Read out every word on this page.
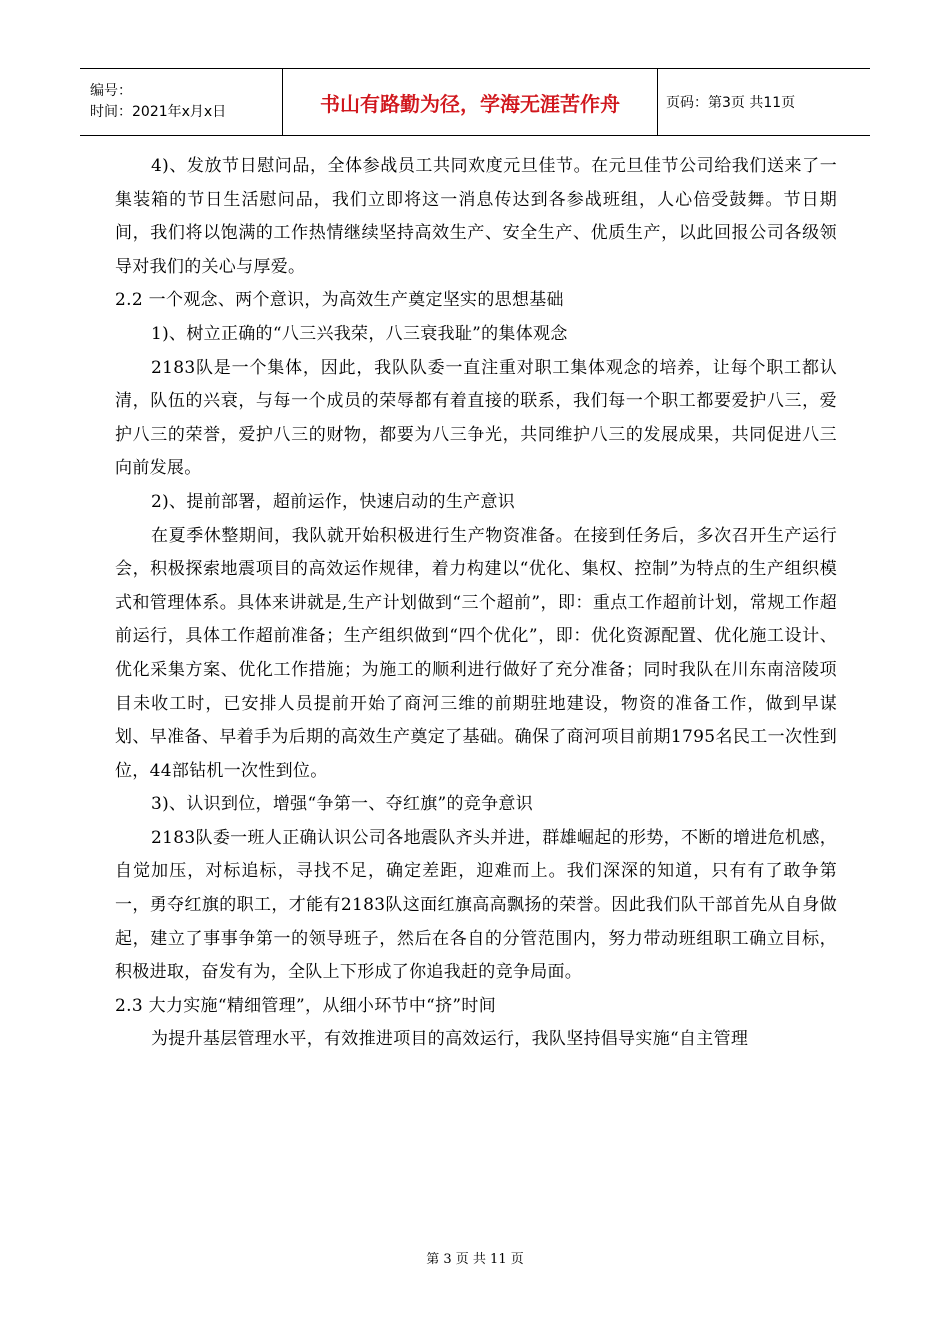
编号：
时间：2021年x月x日	书山有路勤为径，学海无涯苦作舟	页码：第3页 共11页

4)、发放节日慰问品，全体参战员工共同欢度元旦佳节。在元旦佳节公司给我们送来了一集装箱的节日生活慰问品，我们立即将这一消息传达到各参战班组，人心倍受鼓舞。节日期间，我们将以饱满的工作热情继续坚持高效生产、安全生产、优质生产，以此回报公司各级领导对我们的关心与厚爱。

2.2 一个观念、两个意识，为高效生产奠定坚实的思想基础

1)、树立正确的“八三兴我荣，八三衰我耻”的集体观念

2183队是一个集体，因此，我队队委一直注重对职工集体观念的培养，让每个职工都认清，队伍的兴衰，与每一个成员的荣辱都有着直接的联系，我们每一个职工都要爱护八三，爱护八三的荣誉，爱护八三的财物，都要为八三争光，共同维护八三的发展成果，共同促进八三向前发展。

2)、提前部署，超前运作，快速启动的生产意识

在夏季休整期间，我队就开始积极进行生产物资准备。在接到任务后，多次召开生产运行会，积极探索地震项目的高效运作规律，着力构建以“优化、集权、控制”为特点的生产组织模式和管理体系。具体来讲就是,生产计划做到“三个超前”，即：重点工作超前计划，常规工作超前运行，具体工作超前准备；生产组织做到“四个优化”，即：优化资源配置、优化施工设计、优化采集方案、优化工作措施；为施工的顺利进行做好了充分准备；同时我队在川东南涪陵项目未收工时，已安排人员提前开始了商河三维的前期驻地建设，物资的准备工作，做到早谋划、早准备、早着手为后期的高效生产奠定了基础。确保了商河项目前期1795名民工一次性到位，44部钻机一次性到位。

3)、认识到位，增强“争第一、夺红旗”的竞争意识

2183队委一班人正确认识公司各地震队齐头并进，群雄崛起的形势，不断的增进危机感，自觉加压，对标追标，寻找不足，确定差距，迎难而上。我们深深的知道，只有有了敢争第一，勇夺红旗的职工，才能有2183队这面红旗高高飘扬的荣誉。因此我们队干部首先从自身做起，建立了事事争第一的领导班子，然后在各自的分管范围内，努力带动班组职工确立目标，积极进取，奋发有为，全队上下形成了你追我赶的竞争局面。

2.3 大力实施“精细管理”，从细小环节中“挤”时间

为提升基层管理水平，有效推进项目的高效运行，我队坚持倡导实施“自主管理

第 3 页 共 11 页
